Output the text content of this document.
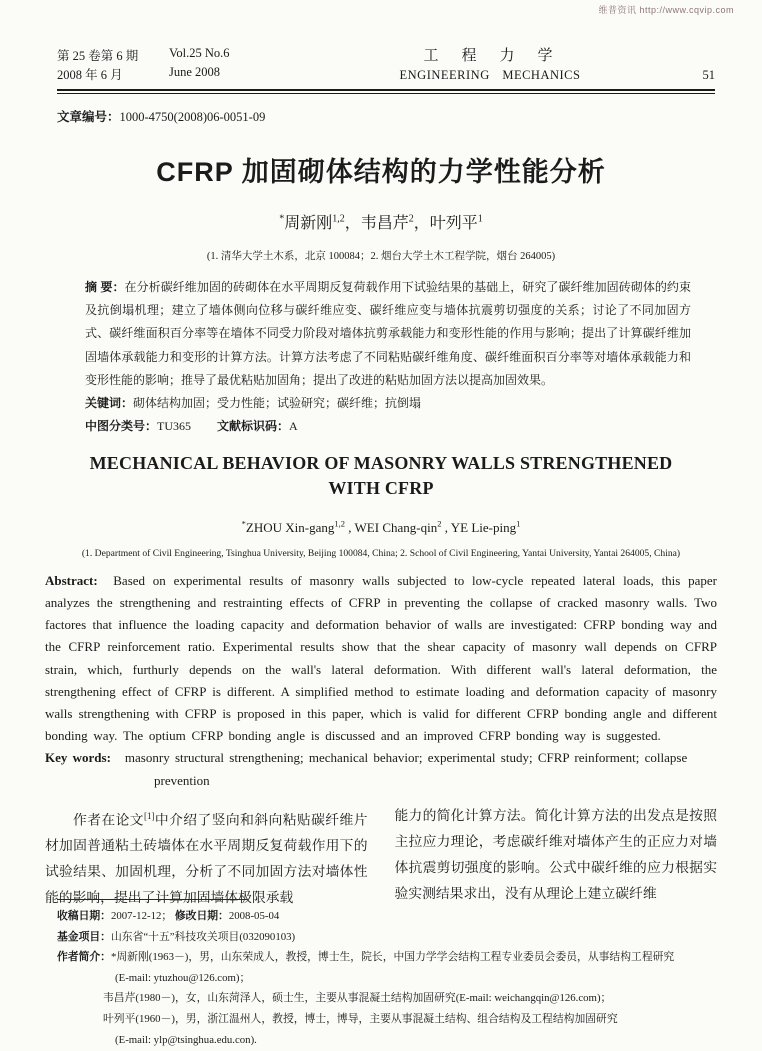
维普资讯 http://www.cqvip.com
第 25 卷第 6 期	Vol.25 No.6	工　程　力　学
2008 年 6 月	June 2008	ENGINEERING MECHANICS	51

文章编号：1000-4750(2008)06-0051-09

CFRP 加固砌体结构的力学性能分析

*周新刚$^{1,2}$，韦昌芹$^2$，叶列平$^1$

(1. 清华大学土木系，北京 100084；2. 烟台大学土木工程学院，烟台 264005)

摘 要：在分析碳纤维加固的砖砌体在水平周期反复荷载作用下试验结果的基础上，研究了碳纤维加固砖砌体的约束及抗倒塌机理；建立了墙体侧向位移与碳纤维应变、碳纤维应变与墙体抗震剪切强度的关系；讨论了不同加固方式、碳纤维面积百分率等在墙体不同受力阶段对墙体抗剪承载能力和变形性能的作用与影响；提出了计算碳纤维加固墙体承载能力和变形的计算方法。计算方法考虑了不同粘贴碳纤维角度、碳纤维面积百分率等对墙体承载能力和变形性能的影响；推导了最优粘贴加固角；提出了改进的粘贴加固方法以提高加固效果。

关键词：砌体结构加固；受力性能；试验研究；碳纤维；抗倒塌

中图分类号：TU365 文献标识码：A

MECHANICAL BEHAVIOR OF MASONRY WALLS STRENGTHENED
WITH CFRP

*ZHOU Xin-gang$^{1,2}$ , WEI Chang-qin$^2$ , YE Lie-ping$^1$

(1. Department of Civil Engineering, Tsinghua University, Beijing 100084, China; 2. School of Civil Engineering, Yantai University, Yantai 264005, China)

Abstract: Based on experimental results of masonry walls subjected to low-cycle repeated lateral loads, this paper analyzes the strengthening and restrainting effects of CFRP in preventing the collapse of cracked masonry walls. Two factores that influence the loading capacity and deformation behavior of walls are investigated: CFRP bonding way and the CFRP reinforcement ratio. Experimental results show that the shear capacity of masonry wall depends on CFRP strain, which, furthurly depends on the wall's lateral deformation. With different wall's lateral deformation, the strengthening effect of CFRP is different. A simplified method to estimate loading and deformation capacity of masonry walls strengthening with CFRP is proposed in this paper, which is valid for different CFRP bonding angle and different bonding way. The optium CFRP bonding angle is discussed and an improved CFRP bonding way is suggested.

Key words: masonry structural strengthening; mechanical behavior; experimental study; CFRP reinforment; collapse prevention

作者在论文[1]中介绍了竖向和斜向粘贴碳纤维片材加固普通粘土砖墙体在水平周期反复荷载作用下的试验结果、加固机理，分析了不同加固方法对墙体性能的影响，提出了计算加固墙体极限承载

能力的简化计算方法。简化计算方法的出发点是按照主拉应力理论，考虑碳纤维对墙体产生的正应力对墙体抗震剪切强度的影响。公式中碳纤维的应力根据实验实测结果求出，没有从理论上建立碳纤维

收稿日期：2007-12-12； 修改日期：2008-05-04
基金项目：山东省“十五”科技攻关项目(032090103)
作者简介：*周新刚(1963－)，男，山东荣成人，教授，博士生，院长，中国力学学会结构工程专业委员会委员，从事结构工程研究
(E-mail: ytuzhou@126.com)；
韦昌芹(1980－)，女，山东菏泽人，硕士生，主要从事混凝土结构加固研究(E-mail: weichangqin@126.com)；
叶列平(1960－)，男，浙江温州人，教授，博士，博导，主要从事混凝土结构、组合结构及工程结构加固研究
(E-mail: ylp@tsinghua.edu.con).
